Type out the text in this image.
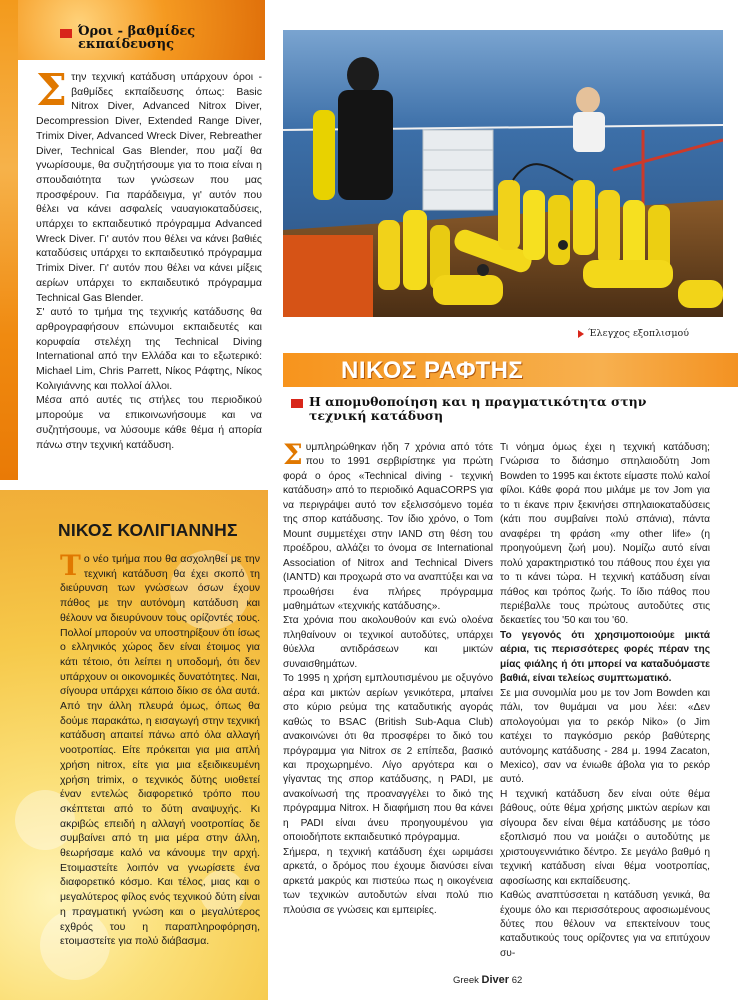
Όροι - βαθμίδες εκπαίδευσης

Στην τεχνική κατάδυση υπάρχουν όροι - βαθμίδες εκπαίδευσης όπως: Basic Nitrox Diver, Advanced Nitrox Diver, Decompression Diver, Extended Range Diver, Trimix Diver, Advanced Wreck Diver, Rebreather Diver, Technical Gas Blender, που μαζί θα γνωρίσουμε, θα συζητήσουμε για το ποια είναι η σπουδαιότητα των γνώσεων που μας προσφέρουν. Για παράδειγμα, γι' αυτόν που θέλει να κάνει ασφαλείς ναυαγιοκαταδύσεις, υπάρχει το εκπαιδευτικό πρόγραμμα Advanced Wreck Diver. Γι' αυτόν που θέλει να κάνει βαθιές καταδύσεις υπάρχει το εκπαιδευτικό πρόγραμμα Trimix Diver. Γι' αυτόν που θέλει να κάνει μίξεις αερίων υπάρχει το εκπαιδευτικό πρόγραμμα Technical Gas Blender.

Σ' αυτό το τμήμα της τεχνικής κατάδυσης θα αρθρογραφήσουν επώνυμοι εκπαιδευτές και κορυφαία στελέχη της Technical Diving International από την Ελλάδα και το εξωτερικό: Michael Lim, Chris Parrett, Νίκος Ράφτης, Νίκος Κολιγιάννης και πολλοί άλλοι.

Μέσα από αυτές τις στήλες του περιοδικού μπορούμε να επικοινωνήσουμε και να συζητήσουμε, να λύσουμε κάθε θέμα ή απορία πάνω στην τεχνική κατάδυση.

ΝΙΚΟΣ ΚΟΛΙΓΙΑΝΝΗΣ

Το νέο τμήμα που θα ασχοληθεί με την τεχνική κατάδυση θα έχει σκοπό τη διεύρυνση των γνώσεων όσων έχουν πάθος με την αυτόνομη κατάδυση και θέλουν να διευρύνουν τους ορίζοντές τους. Πολλοί μπορούν να υποστηρίξουν ότι ίσως ο ελληνικός χώρος δεν είναι έτοιμος για κάτι τέτοιο, ότι λείπει η υποδομή, ότι δεν υπάρχουν οι οικονομικές δυνατότητες. Ναι, σίγουρα υπάρχει κάποιο δίκιο σε όλα αυτά. Από την άλλη πλευρά όμως, όπως θα δούμε παρακάτω, η εισαγωγή στην τεχνική κατάδυση απαιτεί πάνω από όλα αλλαγή νοοτροπίας. Είτε πρόκειται για μια απλή χρήση nitrox, είτε για μια εξειδικευμένη χρήση trimix, ο τεχνικός δύτης υιοθετεί έναν εντελώς διαφορετικό τρόπο που σκέπτεται από το δύτη αναψυχής. Κι ακριβώς επειδή η αλλαγή νοοτροπίας δε συμβαίνει από τη μια μέρα στην άλλη, θεωρήσαμε καλό να κάνουμε την αρχή. Ετοιμαστείτε λοιπόν να γνωρίσετε ένα διαφορετικό κόσμο. Και τέλος, μιας και ο μεγαλύτερος φίλος ενός τεχνικού δύτη είναι η πραγματική γνώση και ο μεγαλύτερος εχθρός του η παραπληροφόρηση, ετοιμαστείτε για πολύ διάβασμα.

Έλεγχος εξοπλισμού
ΝΙΚΟΣ ΡΑΦΤΗΣ
Η απομυθοποίηση και η πραγματικότητα στην τεχνική κατάδυση

Συμπληρώθηκαν ήδη 7 χρόνια από τότε που το 1991 σερβιρίστηκε για πρώτη φορά ο όρος «Technical diving - τεχνική κατάδυση» από το περιοδικό AquaCORPS για να περιγράψει αυτό τον εξελισσόμενο τομέα της σπορ κατάδυσης. Τον ίδιο χρόνο, ο Tom Mount συμμετέχει στην IAND στη θέση του προέδρου, αλλάζει το όνομα σε International Association of Nitrox and Technical Divers (IANTD) και προχωρά στο να αναπτύξει και να προωθήσει ένα πλήρες πρόγραμμα μαθημάτων «τεχνικής κατάδυσης».

Στα χρόνια που ακολουθούν και ενώ ολοένα πληθαίνουν οι τεχνικοί αυτοδύτες, υπάρχει θύελλα αντιδράσεων και μικτών συναισθημάτων.

Το 1995 η χρήση εμπλουτισμένου με οξυγόνο αέρα και μικτών αερίων γενικότερα, μπαίνει στο κύριο ρεύμα της καταδυτικής αγοράς καθώς το BSAC (British Sub-Aqua Club) ανακοινώνει ότι θα προσφέρει το δικό του πρόγραμμα για Nitrox σε 2 επίπεδα, βασικό και προχωρημένο. Λίγο αργότερα και ο γίγαντας της σπορ κατάδυσης, η PADI, με ανακοίνωσή της προαναγγέλει το δικό της πρόγραμμα Nitrox. Η διαφήμιση που θα κάνει η PADI είναι άνευ προηγουμένου για οποιοδήποτε εκπαιδευτικό πρόγραμμα.

Σήμερα, η τεχνική κατάδυση έχει ωριμάσει αρκετά, ο δρόμος που έχουμε διανύσει είναι αρκετά μακρύς και πιστεύω πως η οικογένεια των τεχνικών αυτοδυτών είναι πολύ πιο πλούσια σε γνώσεις και εμπειρίες.

Τι νόημα όμως έχει η τεχνική κατάδυση; Γνώρισα το διάσημο σπηλαιοδύτη Jom Bowden το 1995 και έκτοτε είμαστε πολύ καλοί φίλοι. Κάθε φορά που μιλάμε με τον Jom για το τι έκανε πριν ξεκινήσει σπηλαιοκαταδύσεις (κάτι που συμβαίνει πολύ σπάνια), πάντα αναφέρει τη φράση «my other life» (η προηγούμενη ζωή μου). Νομίζω αυτό είναι πολύ χαρακτηριστικό του πάθους που έχει για το τι κάνει τώρα. Η τεχνική κατάδυση είναι πάθος και τρόπος ζωής. Το ίδιο πάθος που περιέβαλλε τους πρώτους αυτοδύτες στις δεκαετίες του '50 και του '60.

Το γεγονός ότι χρησιμοποιούμε μικτά αέρια, τις περισσότερες φορές πέραν της μίας φιάλης ή ότι μπορεί να καταδυόμαστε βαθιά, είναι τελείως συμπτωματικό.

Σε μια συνομιλία μου με τον Jom Bowden και πάλι, τον θυμάμαι να μου λέει: «Δεν απολογούμαι για το ρεκόρ Nikο» (ο Jim κατέχει το παγκόσμιο ρεκόρ βαθύτερης αυτόνομης κατάδυσης - 284 μ. 1994 Zacaton, Mexico), σαν να ένιωθε άβολα για το ρεκόρ αυτό.

Η τεχνική κατάδυση δεν είναι ούτε θέμα βάθους, ούτε θέμα χρήσης μικτών αερίων και σίγουρα δεν είναι θέμα κατάδυσης με τόσο εξοπλισμό που να μοιάζει ο αυτοδύτης με χριστουγεννιάτικο δέντρο. Σε μεγάλο βαθμό η τεχνική κατάδυση είναι θέμα νοοτροπίας, αφοσίωσης και εκπαίδευσης.

Καθώς αναπτύσσεται η κατάδυση γενικά, θα έχουμε όλο και περισσότερους αφοσιωμένους δύτες που θέλουν να επεκτείνουν τους καταδυτικούς τους ορίζοντες για να επιτύχουν συ-

Greek Diver 62
